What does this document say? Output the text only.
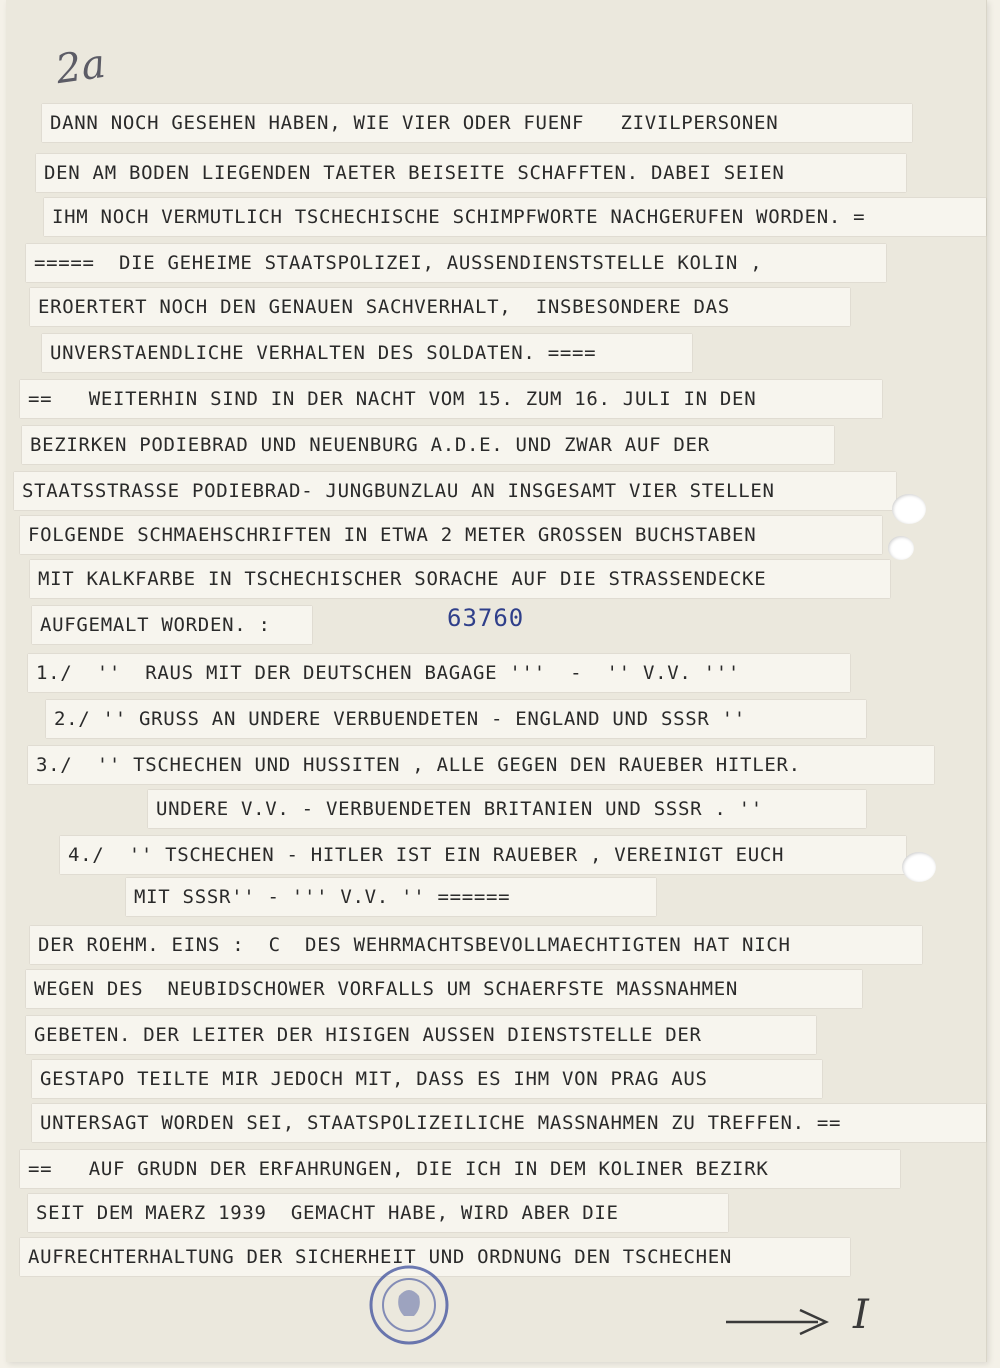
2a
DANN NOCH GESEHEN HABEN, WIE VIER ODER FUENF   ZIVILPERSONEN
DEN AM BODEN LIEGENDEN TAETER BEISEITE SCHAFFTEN. DABEI SEIEN
IHM NOCH VERMUTLICH TSCHECHISCHE SCHIMPFWORTE NACHGERUFEN WORDEN. =
=====  DIE GEHEIME STAATSPOLIZEI, AUSSENDIENSTSTELLE KOLIN ,
EROERTERT NOCH DEN GENAUEN SACHVERHALT,  INSBESONDERE DAS
UNVERSTAENDLICHE VERHALTEN DES SOLDATEN. ====
==   WEITERHIN SIND IN DER NACHT VOM 15. ZUM 16. JULI IN DEN
BEZIRKEN PODIEBRAD UND NEUENBURG A.D.E. UND ZWAR AUF DER
STAATSSTRASSE PODIEBRAD- JUNGBUNZLAU AN INSGESAMT VIER STELLEN
FOLGENDE SCHMAEHSCHRIFTEN IN ETWA 2 METER GROSSEN BUCHSTABEN
MIT KALKFARBE IN TSCHECHISCHER SORACHE AUF DIE STRASSENDECKE
AUFGEMALT WORDEN. :
1./  ''  RAUS MIT DER DEUTSCHEN BAGAGE '''  -  '' V.V. '''
2./ '' GRUSS AN UNDERE VERBUENDETEN - ENGLAND UND SSSR ''
3./  '' TSCHECHEN UND HUSSITEN , ALLE GEGEN DEN RAUEBER HITLER.
UNDERE V.V. - VERBUENDETEN BRITANIEN UND SSSR . ''
4./  '' TSCHECHEN - HITLER IST EIN RAUEBER , VEREINIGT EUCH
MIT SSSR'' - ''' V.V. '' ======
DER ROEHM. EINS :  C  DES WEHRMACHTSBEVOLLMAECHTIGTEN HAT NICH
WEGEN DES  NEUBIDSCHOWER VORFALLS UM SCHAERFSTE MASSNAHMEN
GEBETEN. DER LEITER DER HISIGEN AUSSEN DIENSTSTELLE DER
GESTAPO TEILTE MIR JEDOCH MIT, DASS ES IHM VON PRAG AUS
UNTERSAGT WORDEN SEI, STAATSPOLIZEILICHE MASSNAHMEN ZU TREFFEN. ==
==   AUF GRUDN DER ERFAHRUNGEN, DIE ICH IN DEM KOLINER BEZIRK
SEIT DEM MAERZ 1939  GEMACHT HABE, WIRD ABER DIE
AUFRECHTERHALTUNG DER SICHERHEIT UND ORDNUNG DEN TSCHECHEN
63760
I
